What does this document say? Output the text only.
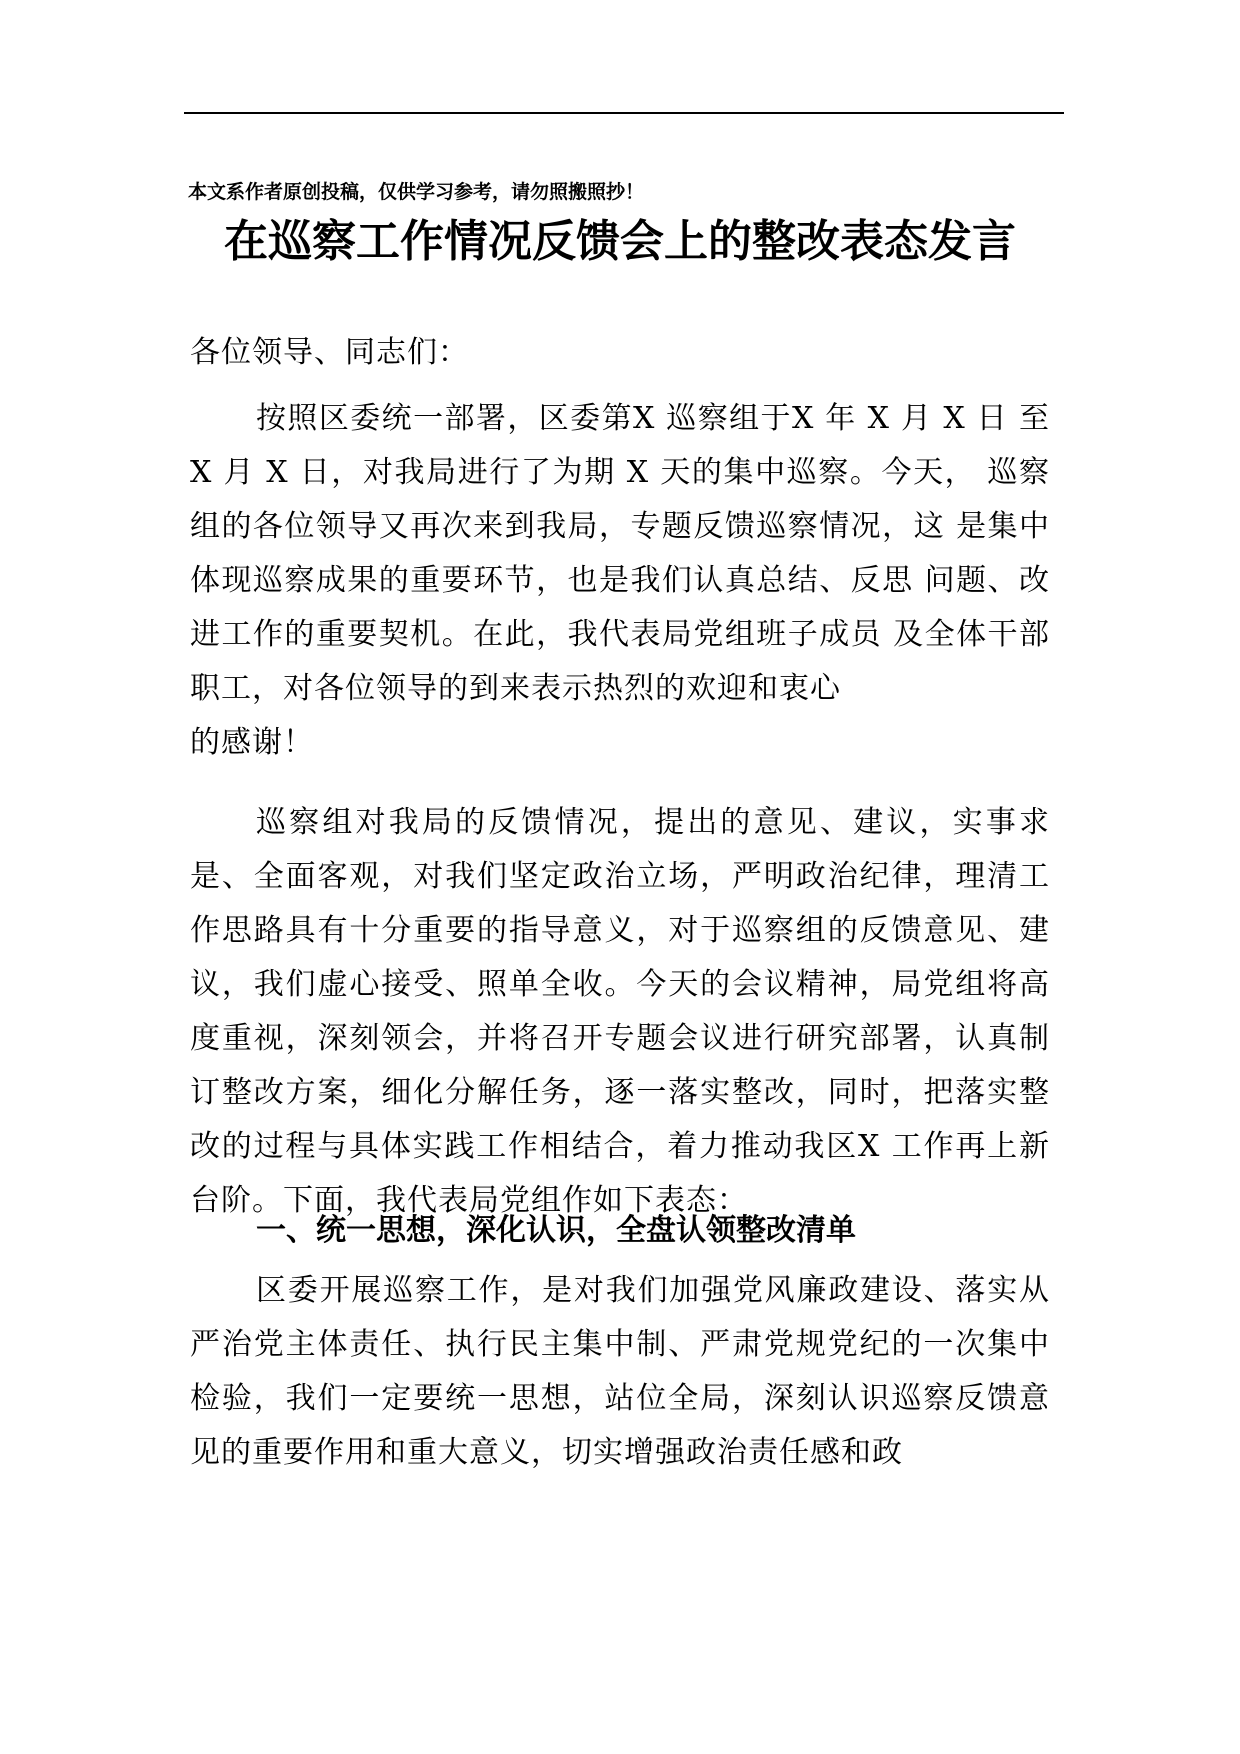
本文系作者原创投稿，仅供学习参考，请勿照搬照抄！
在巡察工作情况反馈会上的整改表态发言
各位领导、同志们：

按照区委统一部署，区委第X 巡察组于X 年 X 月 X 日 至 X 月 X 日，对我局进行了为期 X 天的集中巡察。今天， 巡察组的各位领导又再次来到我局，专题反馈巡察情况，这 是集中体现巡察成果的重要环节，也是我们认真总结、反思 问题、改进工作的重要契机。在此，我代表局党组班子成员 及全体干部职工，对各位领导的到来表示热烈的欢迎和衷心

的感谢！

巡察组对我局的反馈情况，提出的意见、建议，实事求是、全面客观，对我们坚定政治立场，严明政治纪律，理清工作思路具有十分重要的指导意义，对于巡察组的反馈意见、建议，我们虚心接受、照单全收。今天的会议精神，局党组将高度重视，深刻领会，并将召开专题会议进行研究部署，认真制订整改方案，细化分解任务，逐一落实整改，同时，把落实整改的过程与具体实践工作相结合，着力推动我区X 工作再上新台阶。下面，我代表局党组作如下表态：

一、统一思想，深化认识，全盘认领整改清单

区委开展巡察工作，是对我们加强党风廉政建设、落实从严治党主体责任、执行民主集中制、严肃党规党纪的一次集中检验，我们一定要统一思想，站位全局，深刻认识巡察反馈意见的重要作用和重大意义，切实增强政治责任感和政
